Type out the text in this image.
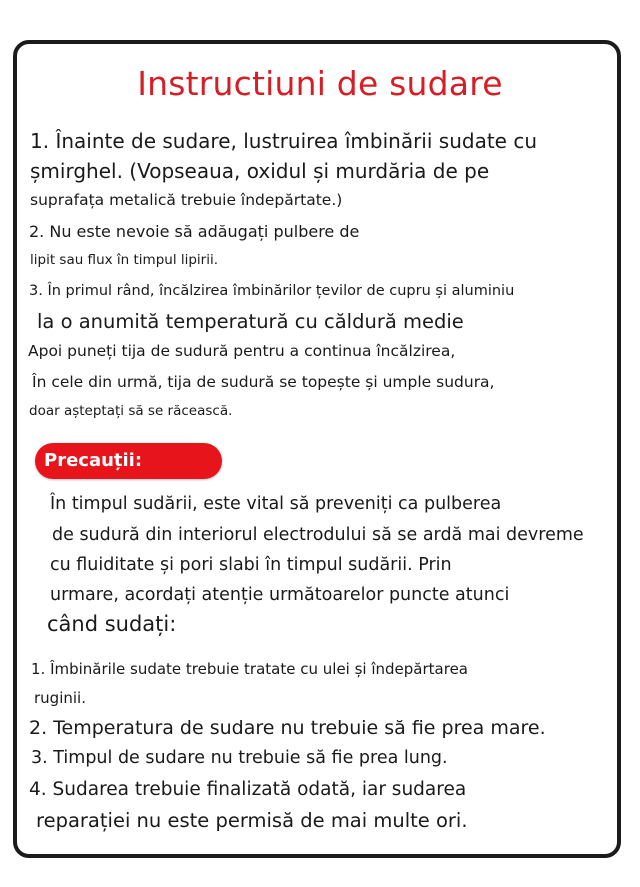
Instructiuni de sudare
1. Înainte de sudare, lustruirea îmbinării sudate cu
șmirghel. (Vopseaua, oxidul și murdăria de pe
suprafața metalică trebuie îndepărtate.)
2. Nu este nevoie să adăugați pulbere de
lipit sau flux în timpul lipirii.
3. În primul rând, încălzirea îmbinărilor țevilor de cupru și aluminiu
la o anumită temperatură cu căldură medie
Apoi puneți tija de sudură pentru a continua încălzirea,
În cele din urmă, tija de sudură se topește și umple sudura,
doar așteptați să se răcească.
Precauții:
În timpul sudării, este vital să preveniți ca pulberea
de sudură din interiorul electrodului să se ardă mai devreme
cu fluiditate și pori slabi în timpul sudării. Prin
urmare, acordați atenție următoarelor puncte atunci
când sudați:
1. Îmbinările sudate trebuie tratate cu ulei și îndepărtarea
ruginii.
2. Temperatura de sudare nu trebuie să fie prea mare.
3. Timpul de sudare nu trebuie să fie prea lung.
4. Sudarea trebuie finalizată odată, iar sudarea
reparației nu este permisă de mai multe ori.
